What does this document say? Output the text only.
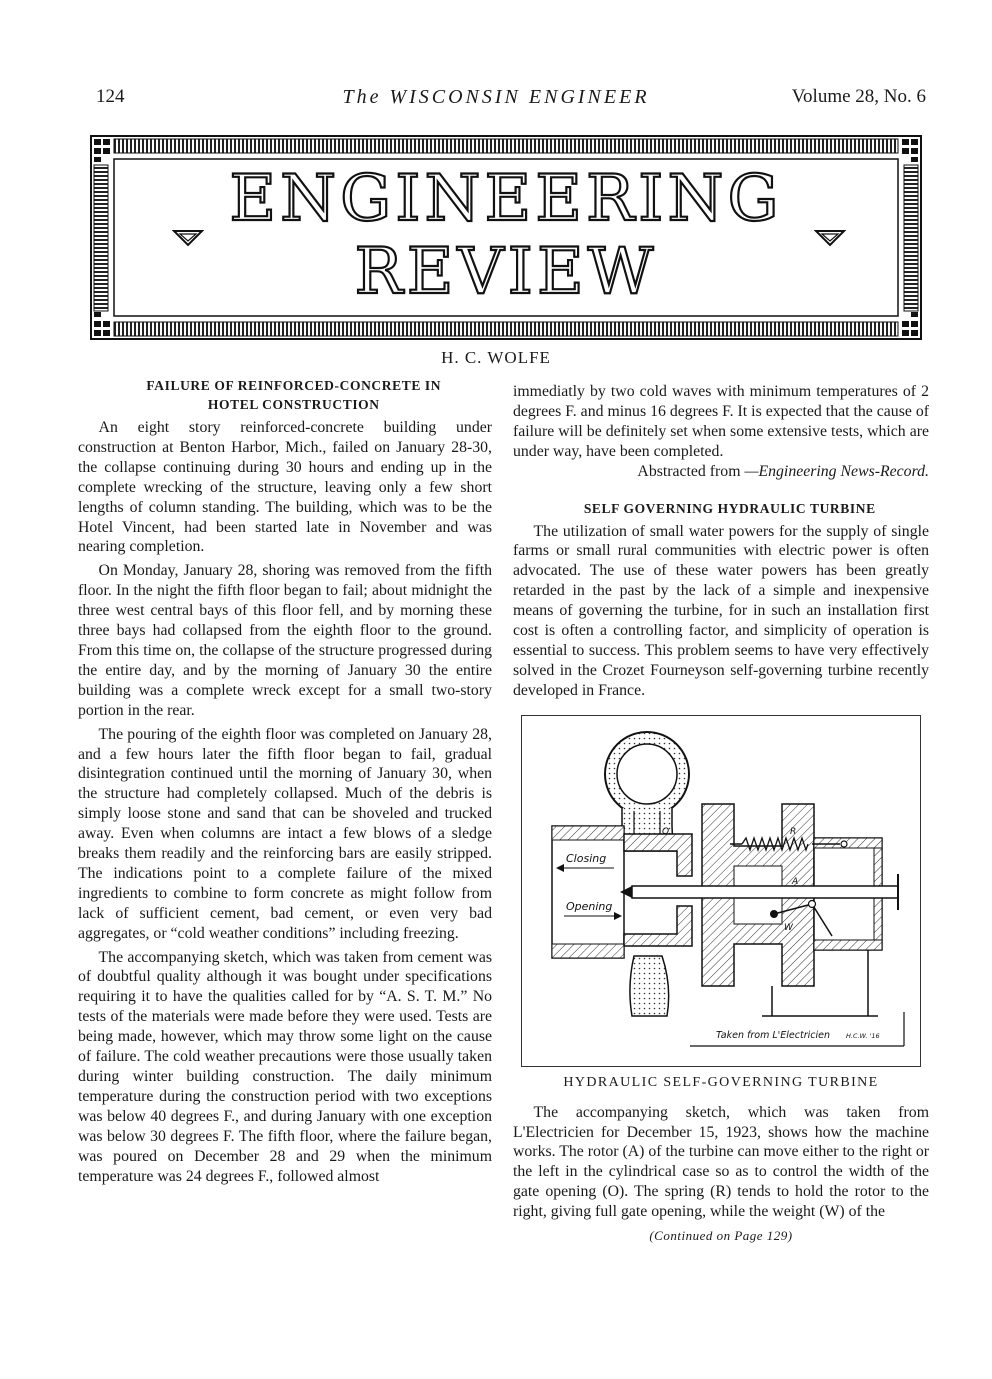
124	The WISCONSIN ENGINEER	Volume 28, No. 6
ENGINEERING
REVIEW
H. C. WOLFE

FAILURE OF REINFORCED-CONCRETE IN

HOTEL CONSTRUCTION

An eight story reinforced-concrete building under construction at Benton Harbor, Mich., failed on January 28-30, the collapse continuing during 30 hours and ending up in the complete wrecking of the structure, leaving only a few short lengths of column standing. The building, which was to be the Hotel Vincent, had been started late in November and was nearing completion.

On Monday, January 28, shoring was removed from the fifth floor. In the night the fifth floor began to fail; about midnight the three west central bays of this floor fell, and by morning these three bays had collapsed from the eighth floor to the ground. From this time on, the collapse of the structure progressed during the entire day, and by the morning of January 30 the entire building was a complete wreck except for a small two-story portion in the rear.

The pouring of the eighth floor was completed on January 28, and a few hours later the fifth floor began to fail, gradual disintegration continued until the morning of January 30, when the structure had completely collapsed. Much of the debris is simply loose stone and sand that can be shoveled and trucked away. Even when columns are intact a few blows of a sledge breaks them readily and the reinforcing bars are easily stripped. The indications point to a complete failure of the mixed ingredients to combine to form concrete as might follow from lack of sufficient cement, bad cement, or even very bad aggregates, or “cold weather conditions” including freezing.

The accompanying sketch, which was taken from cement was of doubtful quality although it was bought under specifications requiring it to have the qualities called for by “A. S. T. M.” No tests of the materials were made before they were used. Tests are being made, however, which may throw some light on the cause of failure. The cold weather precautions were those usually taken during winter building construction. The daily minimum temperature during the construction period with two exceptions was below 40 degrees F., and during January with one exception was below 30 degrees F. The fifth floor, where the failure began, was poured on December 28 and 29 when the minimum temperature was 24 degrees F., followed almost

immediatly by two cold waves with minimum temperatures of 2 degrees F. and minus 16 degrees F. It is expected that the cause of failure will be definitely set when some extensive tests, which are under way, have been completed.

Abstracted from —Engineering News-Record.

SELF GOVERNING HYDRAULIC TURBINE

The utilization of small water powers for the supply of single farms or small rural communities with electric power is often advocated. The use of these water powers has been greatly retarded in the past by the lack of a simple and inexpensive means of governing the turbine, for in such an installation first cost is often a controlling factor, and simplicity of operation is essential to success. This problem seems to have very effectively solved in the Crozet Fourneyson self-governing turbine recently developed in France.

Closing
Opening
O
A
R
W
Taken from L'Electricien H.C.W. '16

HYDRAULIC SELF-GOVERNING TURBINE

The accompanying sketch, which was taken from L'Electricien for December 15, 1923, shows how the machine works. The rotor (A) of the turbine can move either to the right or the left in the cylindrical case so as to control the width of the gate opening (O). The spring (R) tends to hold the rotor to the right, giving full gate opening, while the weight (W) of the

(Continued on Page 129)
